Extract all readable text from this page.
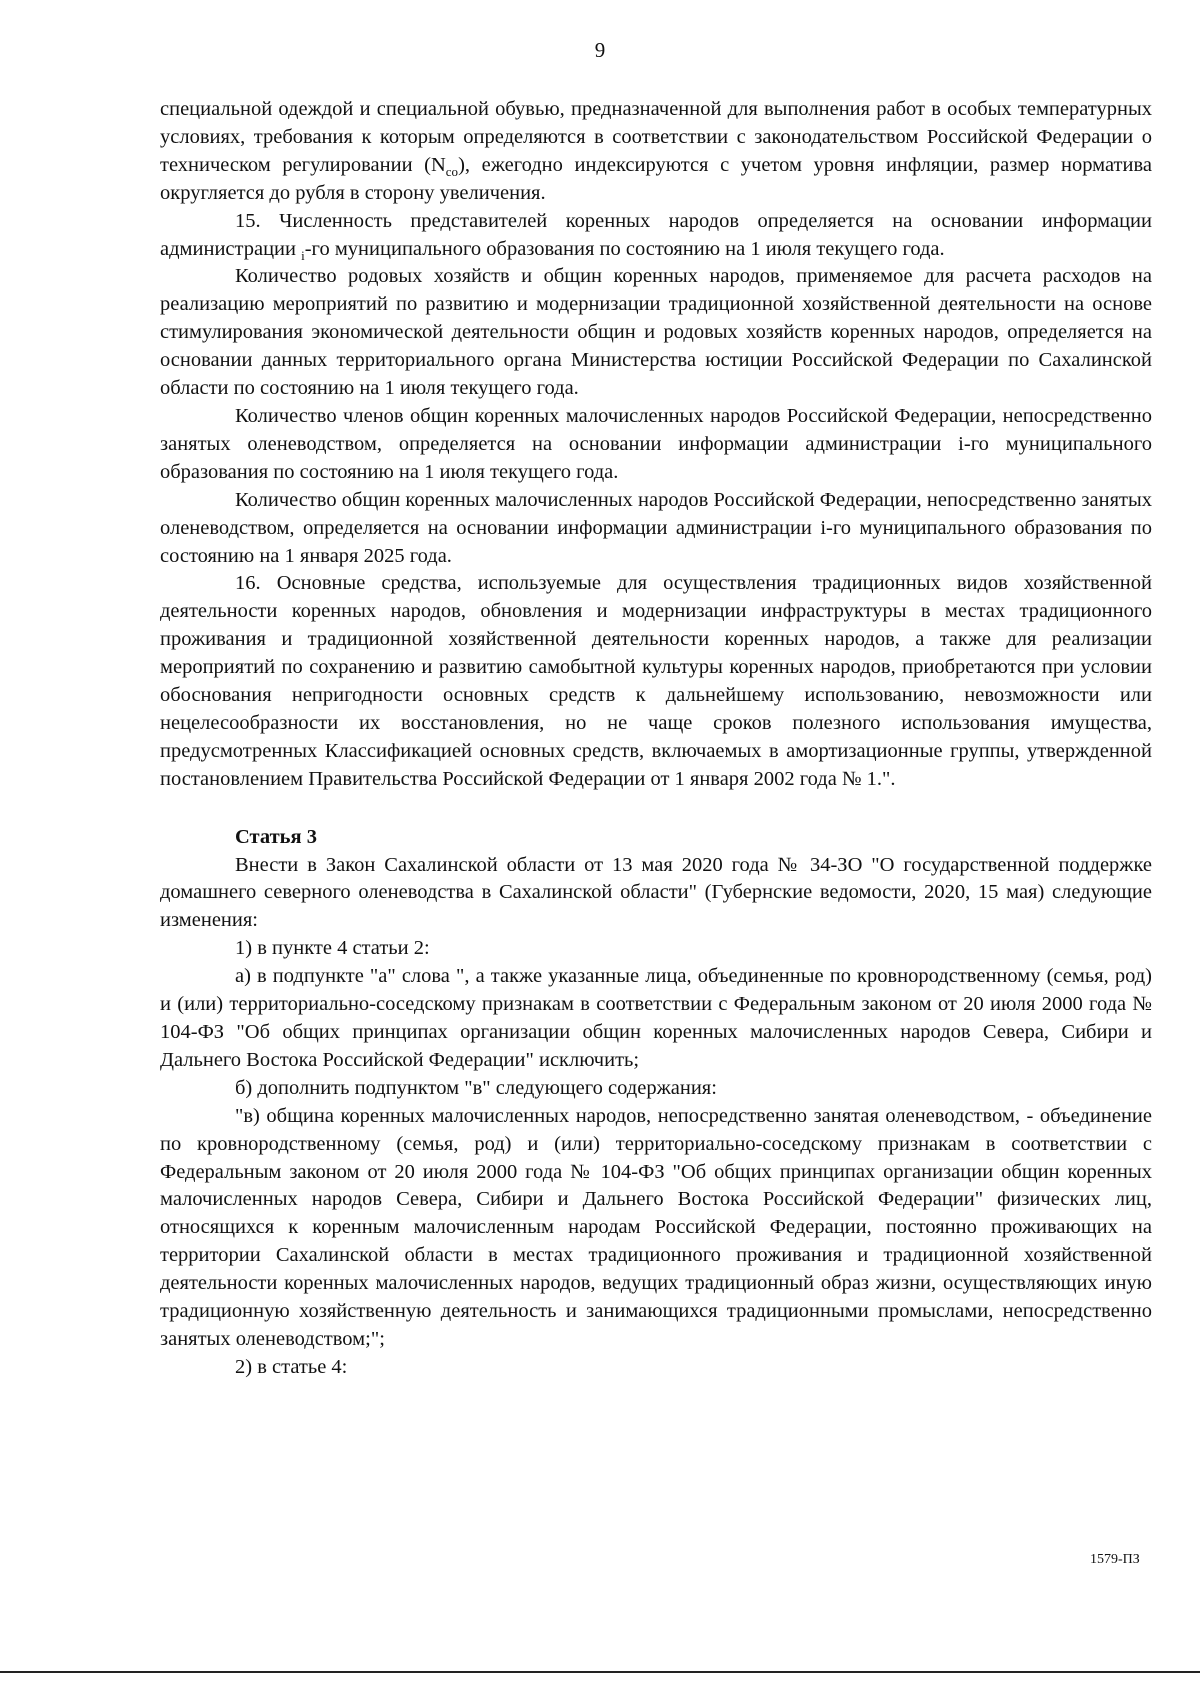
9

специальной одеждой и специальной обувью, предназначенной для выполнения работ в особых температурных условиях, требования к которым определяются в соответствии с законодательством Российской Федерации о техническом регулировании $(N_{со})$, ежегодно индексируются с учетом уровня инфляции, размер норматива округляется до рубля в сторону увеличения.

15. Численность представителей коренных народов определяется на основании информации администрации $_i$-го муниципального образования по состоянию на 1 июля текущего года.

Количество родовых хозяйств и общин коренных народов, применяемое для расчета расходов на реализацию мероприятий по развитию и модернизации традиционной хозяйственной деятельности на основе стимулирования экономической деятельности общин и родовых хозяйств коренных народов, определяется на основании данных территориального органа Министерства юстиции Российской Федерации по Сахалинской области по состоянию на 1 июля текущего года.

Количество членов общин коренных малочисленных народов Российской Федерации, непосредственно занятых оленеводством, определяется на основании информации администрации i-го муниципального образования по состоянию на 1 июля текущего года.

Количество общин коренных малочисленных народов Российской Федерации, непосредственно занятых оленеводством, определяется на основании информации администрации i-го муниципального образования по состоянию на 1 января 2025 года.

16. Основные средства, используемые для осуществления традиционных видов хозяйственной деятельности коренных народов, обновления и модернизации инфраструктуры в местах традиционного проживания и традиционной хозяйственной деятельности коренных народов, а также для реализации мероприятий по сохранению и развитию самобытной культуры коренных народов, приобретаются при условии обоснования непригодности основных средств к дальнейшему использованию, невозможности или нецелесообразности их восстановления, но не чаще сроков полезного использования имущества, предусмотренных Классификацией основных средств, включаемых в амортизационные группы, утвержденной постановлением Правительства Российской Федерации от 1 января 2002 года № 1.".

Статья 3

Внести в Закон Сахалинской области от 13 мая 2020 года № 34-ЗО "О государственной поддержке домашнего северного оленеводства в Сахалинской области" (Губернские ведомости, 2020, 15 мая) следующие изменения:

1) в пункте 4 статьи 2:

а) в подпункте "а" слова ", а также указанные лица, объединенные по кровнородственному (семья, род) и (или) территориально-соседскому признакам в соответствии с Федеральным законом от 20 июля 2000 года № 104-ФЗ "Об общих принципах организации общин коренных малочисленных народов Севера, Сибири и Дальнего Востока Российской Федерации" исключить;

б) дополнить подпунктом "в" следующего содержания:

"в) община коренных малочисленных народов, непосредственно занятая оленеводством, - объединение по кровнородственному (семья, род) и (или) территориально-соседскому признакам в соответствии с Федеральным законом от 20 июля 2000 года № 104-ФЗ "Об общих принципах организации общин коренных малочисленных народов Севера, Сибири и Дальнего Востока Российской Федерации" физических лиц, относящихся к коренным малочисленным народам Российской Федерации, постоянно проживающих на территории Сахалинской области в местах традиционного проживания и традиционной хозяйственной деятельности коренных малочисленных народов, ведущих традиционный образ жизни, осуществляющих иную традиционную хозяйственную деятельность и занимающихся традиционными промыслами, непосредственно занятых оленеводством;";

2) в статье 4:

1579-ПЗ
